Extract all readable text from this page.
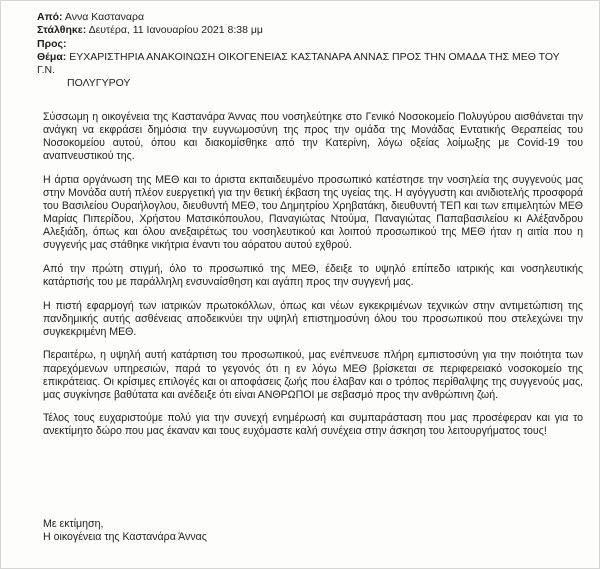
Από: Αννα Κασταναρα
Στάλθηκε: Δευτέρα, 11 Ιανουαρίου 2021 8:38 μμ
Προς:
Θέμα: ΕΥΧΑΡΙΣΤΗΡΙΑ ΑΝΑΚΟΙΝΩΣΗ ΟΙΚΟΓΕΝΕΙΑΣ ΚΑΣΤΑΝΑΡΑ ΑΝΝΑΣ ΠΡΟΣ ΤΗΝ ΟΜΑΔΑ ΤΗΣ ΜΕΘ ΤΟΥ Γ.Ν.
ΠΟΛΥΓΥΡΟΥ

Σύσσωμη η οικογένεια της Καστανάρα Άννας που νοσηλεύτηκε στο Γενικό Νοσοκομείο Πολυγύρου αισθάνεται την ανάγκη να εκφράσει δημόσια την ευγνωμοσύνη της προς την ομάδα της Μονάδας Εντατικής Θεραπείας του Νοσοκομείου αυτού, όπου και διακομίσθηκε από την Κατερίνη, λόγω οξείας λοίμωξης με Covid-19 του αναπνευστικού της.

Η άρτια οργάνωση της ΜΕΘ και το άριστα εκπαιδευμένο προσωπικό κατέστησε την νοσηλεία της συγγενούς μας στην Μονάδα αυτή πλέον ευεργετική για την θετική έκβαση της υγείας της. Η αγόγγυστη και ανιδιοτελής προσφορά του Βασιλείου Ουραήλογλου, διευθυντή ΜΕΘ, του Δημητρίου Χρηβατάκη, διευθυντή ΤΕΠ και των επιμελητών ΜΕΘ Μαρίας Πιπερίδου, Χρήστου Ματσικόπουλου, Παναγιώτας Ντούμα, Παναγιώτας Παπαβασιλείου κι Αλέξανδρου Αλεξιάδη, όπως και όλου ανεξαιρέτως του νοσηλευτικού και λοιπού προσωπικού της ΜΕΘ ήταν η αιτία που η συγγενής μας στάθηκε νικήτρια έναντι του αόρατου αυτού εχθρού.

Από την πρώτη στιγμή, όλο το προσωπικό της ΜΕΘ, έδειξε το υψηλό επίπεδο ιατρικής και νοσηλευτικής κατάρτισής του με παράλληλη ενσυναίσθηση και αγάπη προς την συγγενή μας.

Η πιστή εφαρμογή των ιατρικών πρωτοκόλλων, όπως και νέων εγκεκριμένων τεχνικών στην αντιμετώπιση της πανδημικής αυτής ασθένειας αποδεικνύει την υψηλή επιστημοσύνη όλου του προσωπικού που στελεχώνει την συγκεκριμένη ΜΕΘ.

Περαιτέρω, η υψηλή αυτή κατάρτιση του προσωπικού, μας ενέπνευσε πλήρη εμπιστοσύνη για την ποιότητα των παρεχόμενων υπηρεσιών, παρά το γεγονός ότι η εν λόγω ΜΕΘ βρίσκεται σε περιφερειακό νοσοκομείο της επικράτειας. Οι κρίσιμες επιλογές και οι αποφάσεις ζωής που έλαβαν και ο τρόπος περίθαλψης της συγγενούς μας, μας συγκίνησε βαθύτατα και ανέδειξε ότι είναι ΑΝΘΡΩΠΟΙ με σεβασμό προς την ανθρώπινη ζωή.

Τέλος τους ευχαριστούμε πολύ για την συνεχή ενημέρωσή και συμπαράσταση που μας προσέφεραν και για το ανεκτίμητο δώρο που μας έκαναν και τους ευχόμαστε καλή συνέχεια στην άσκηση του λειτουργήματος τους!

Με εκτίμηση,
Η οικογένεια της Καστανάρα Άννας
